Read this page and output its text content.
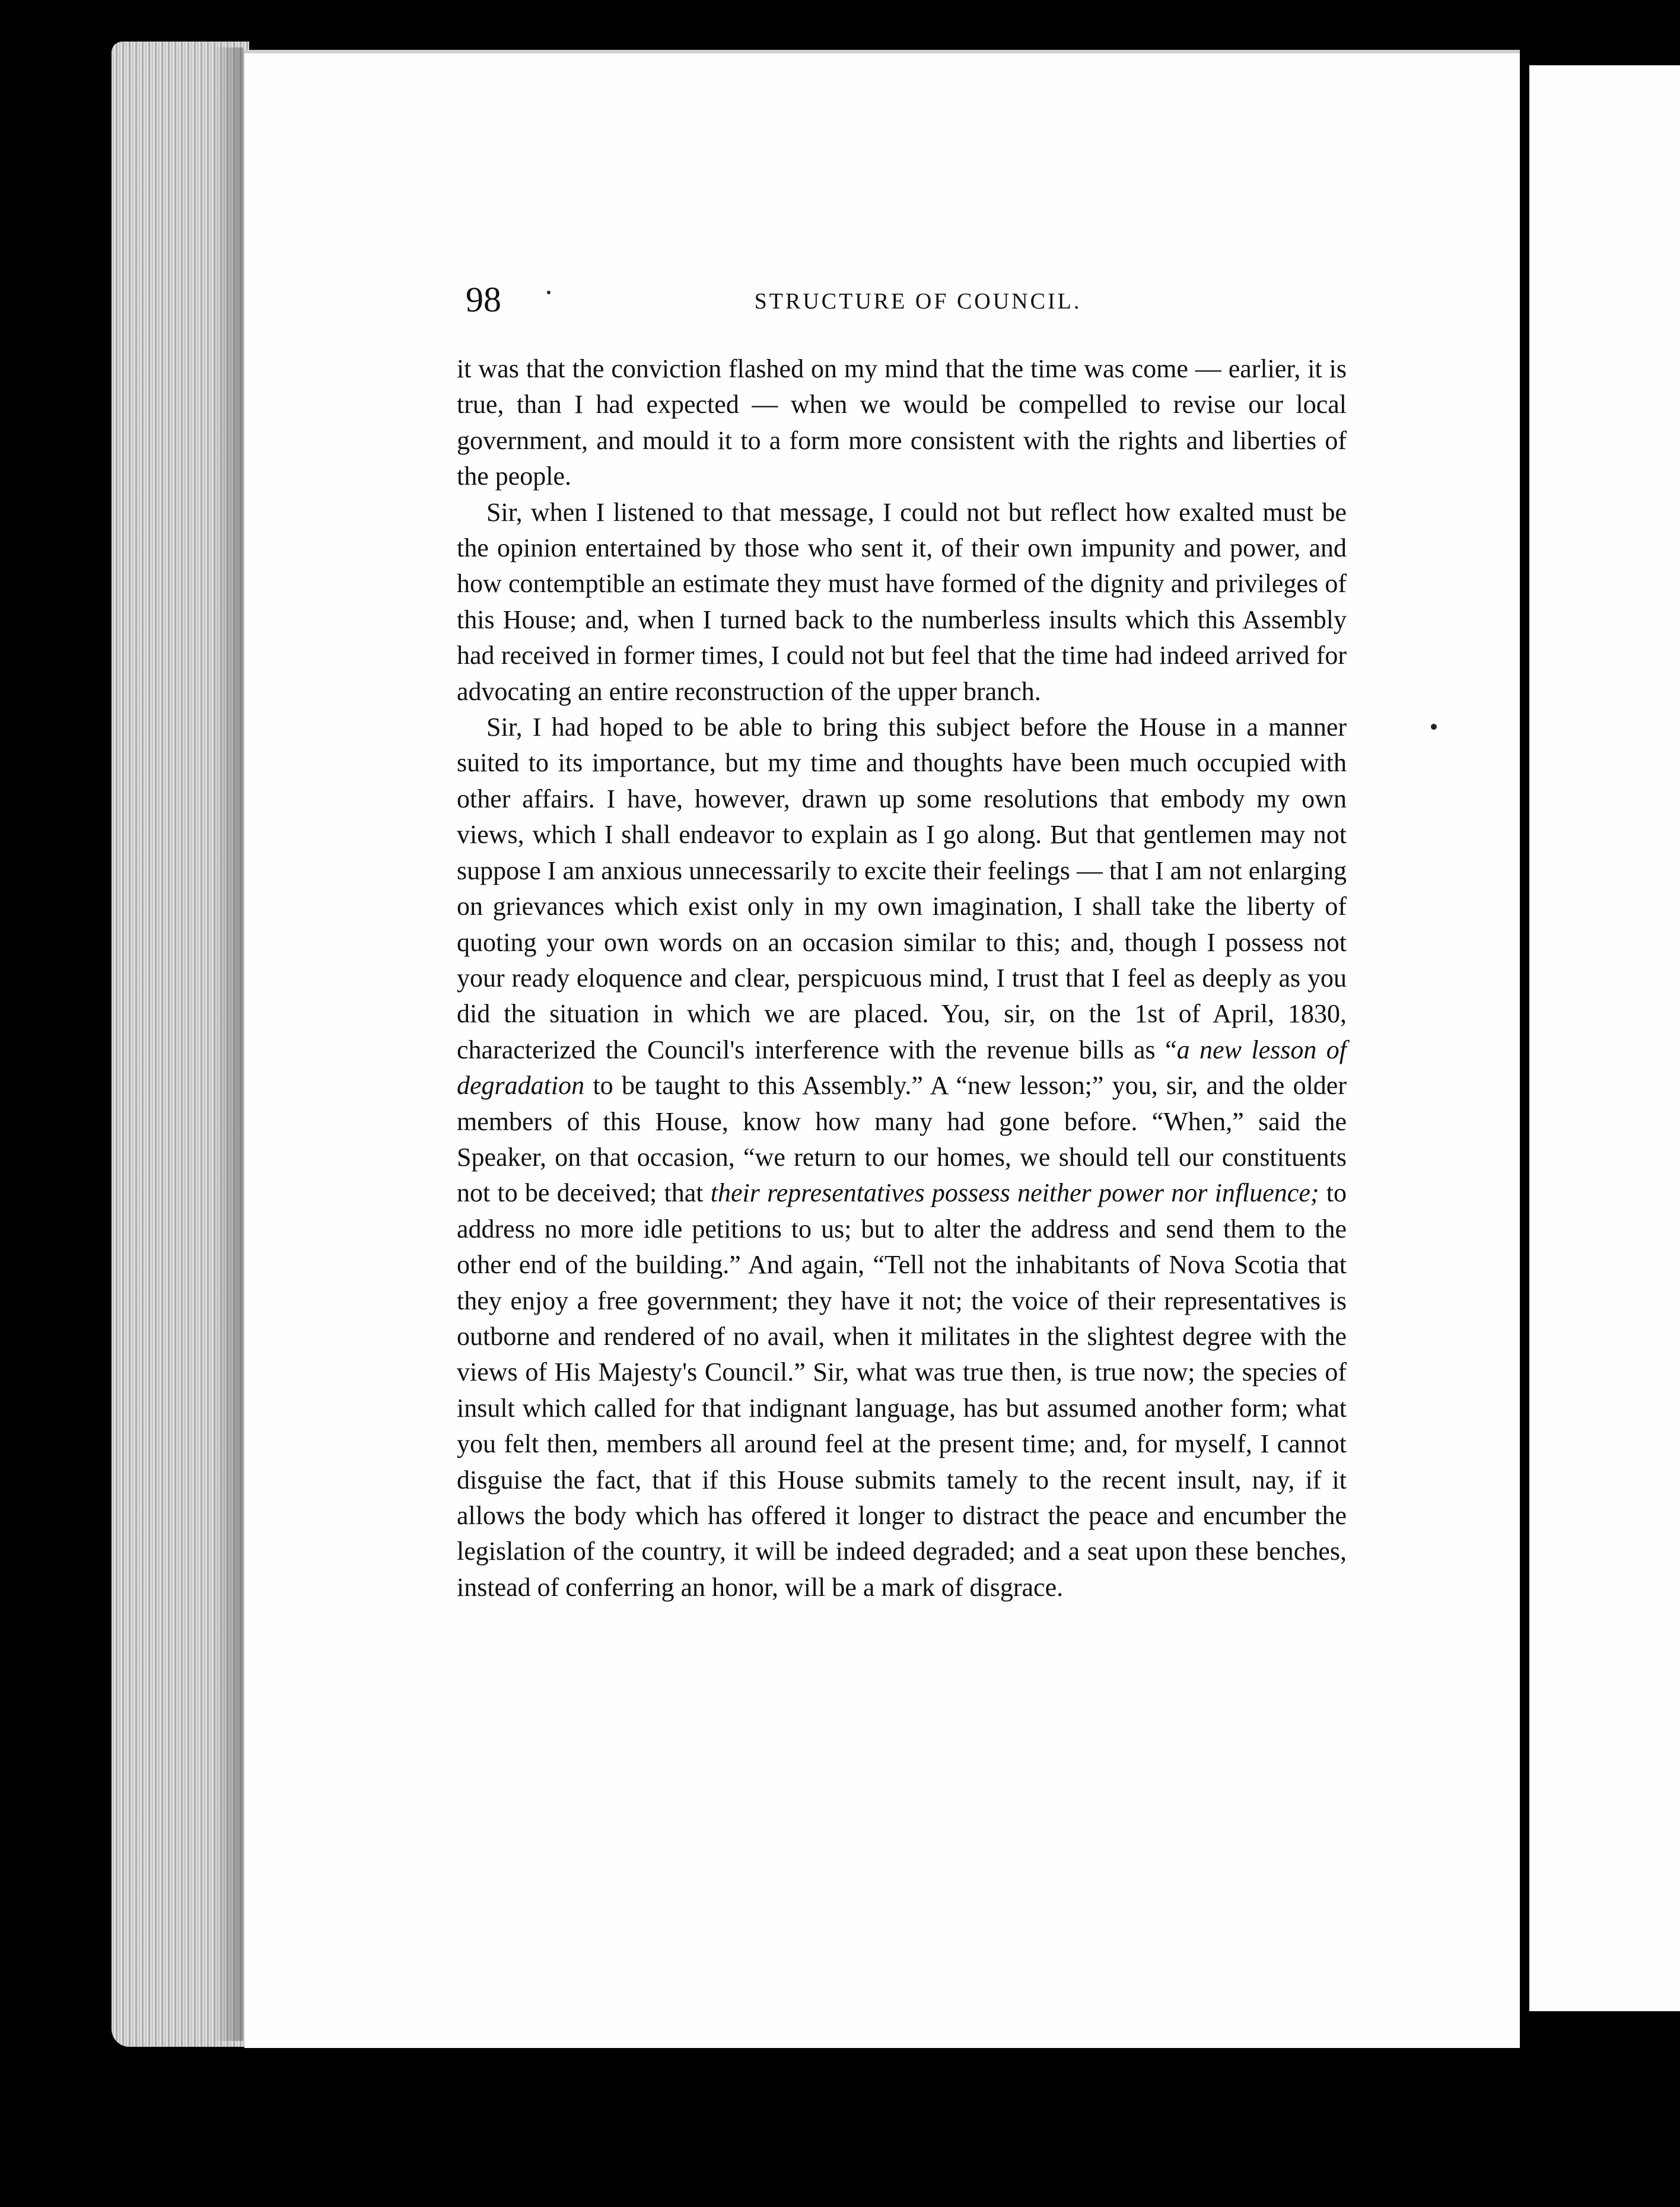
98	STRUCTURE OF COUNCIL.

it was that the conviction flashed on my mind that the time was come — earlier, it is true, than I had expected — when we would be compelled to revise our local government, and mould it to a form more consistent with the rights and liberties of the people.

Sir, when I listened to that message, I could not but reflect how exalted must be the opinion entertained by those who sent it, of their own impunity and power, and how contemptible an estimate they must have formed of the dignity and privileges of this House; and, when I turned back to the numberless insults which this Assembly had received in former times, I could not but feel that the time had indeed arrived for advocating an entire reconstruction of the upper branch.

Sir, I had hoped to be able to bring this subject before the House in a manner suited to its importance, but my time and thoughts have been much occupied with other affairs. I have, however, drawn up some resolutions that embody my own views, which I shall endeavor to explain as I go along. But that gentlemen may not suppose I am anxious unnecessarily to excite their feelings — that I am not enlarging on grievances which exist only in my own imagination, I shall take the liberty of quoting your own words on an occasion similar to this; and, though I possess not your ready eloquence and clear, perspicuous mind, I trust that I feel as deeply as you did the situation in which we are placed. You, sir, on the 1st of April, 1830, characterized the Council's interference with the revenue bills as “a new lesson of degradation to be taught to this Assembly.” A “new lesson;” you, sir, and the older members of this House, know how many had gone before. “When,” said the Speaker, on that occasion, “we return to our homes, we should tell our constituents not to be deceived; that their representatives possess neither power nor influence; to address no more idle petitions to us; but to alter the address and send them to the other end of the building.” And again, “Tell not the inhabitants of Nova Scotia that they enjoy a free government; they have it not; the voice of their representatives is outborne and rendered of no avail, when it militates in the slightest degree with the views of His Majesty's Council.” Sir, what was true then, is true now; the species of insult which called for that indignant language, has but assumed another form; what you felt then, members all around feel at the present time; and, for myself, I cannot disguise the fact, that if this House submits tamely to the recent insult, nay, if it allows the body which has offered it longer to distract the peace and encumber the legislation of the country, it will be indeed degraded; and a seat upon these benches, instead of conferring an honor, will be a mark of disgrace.
